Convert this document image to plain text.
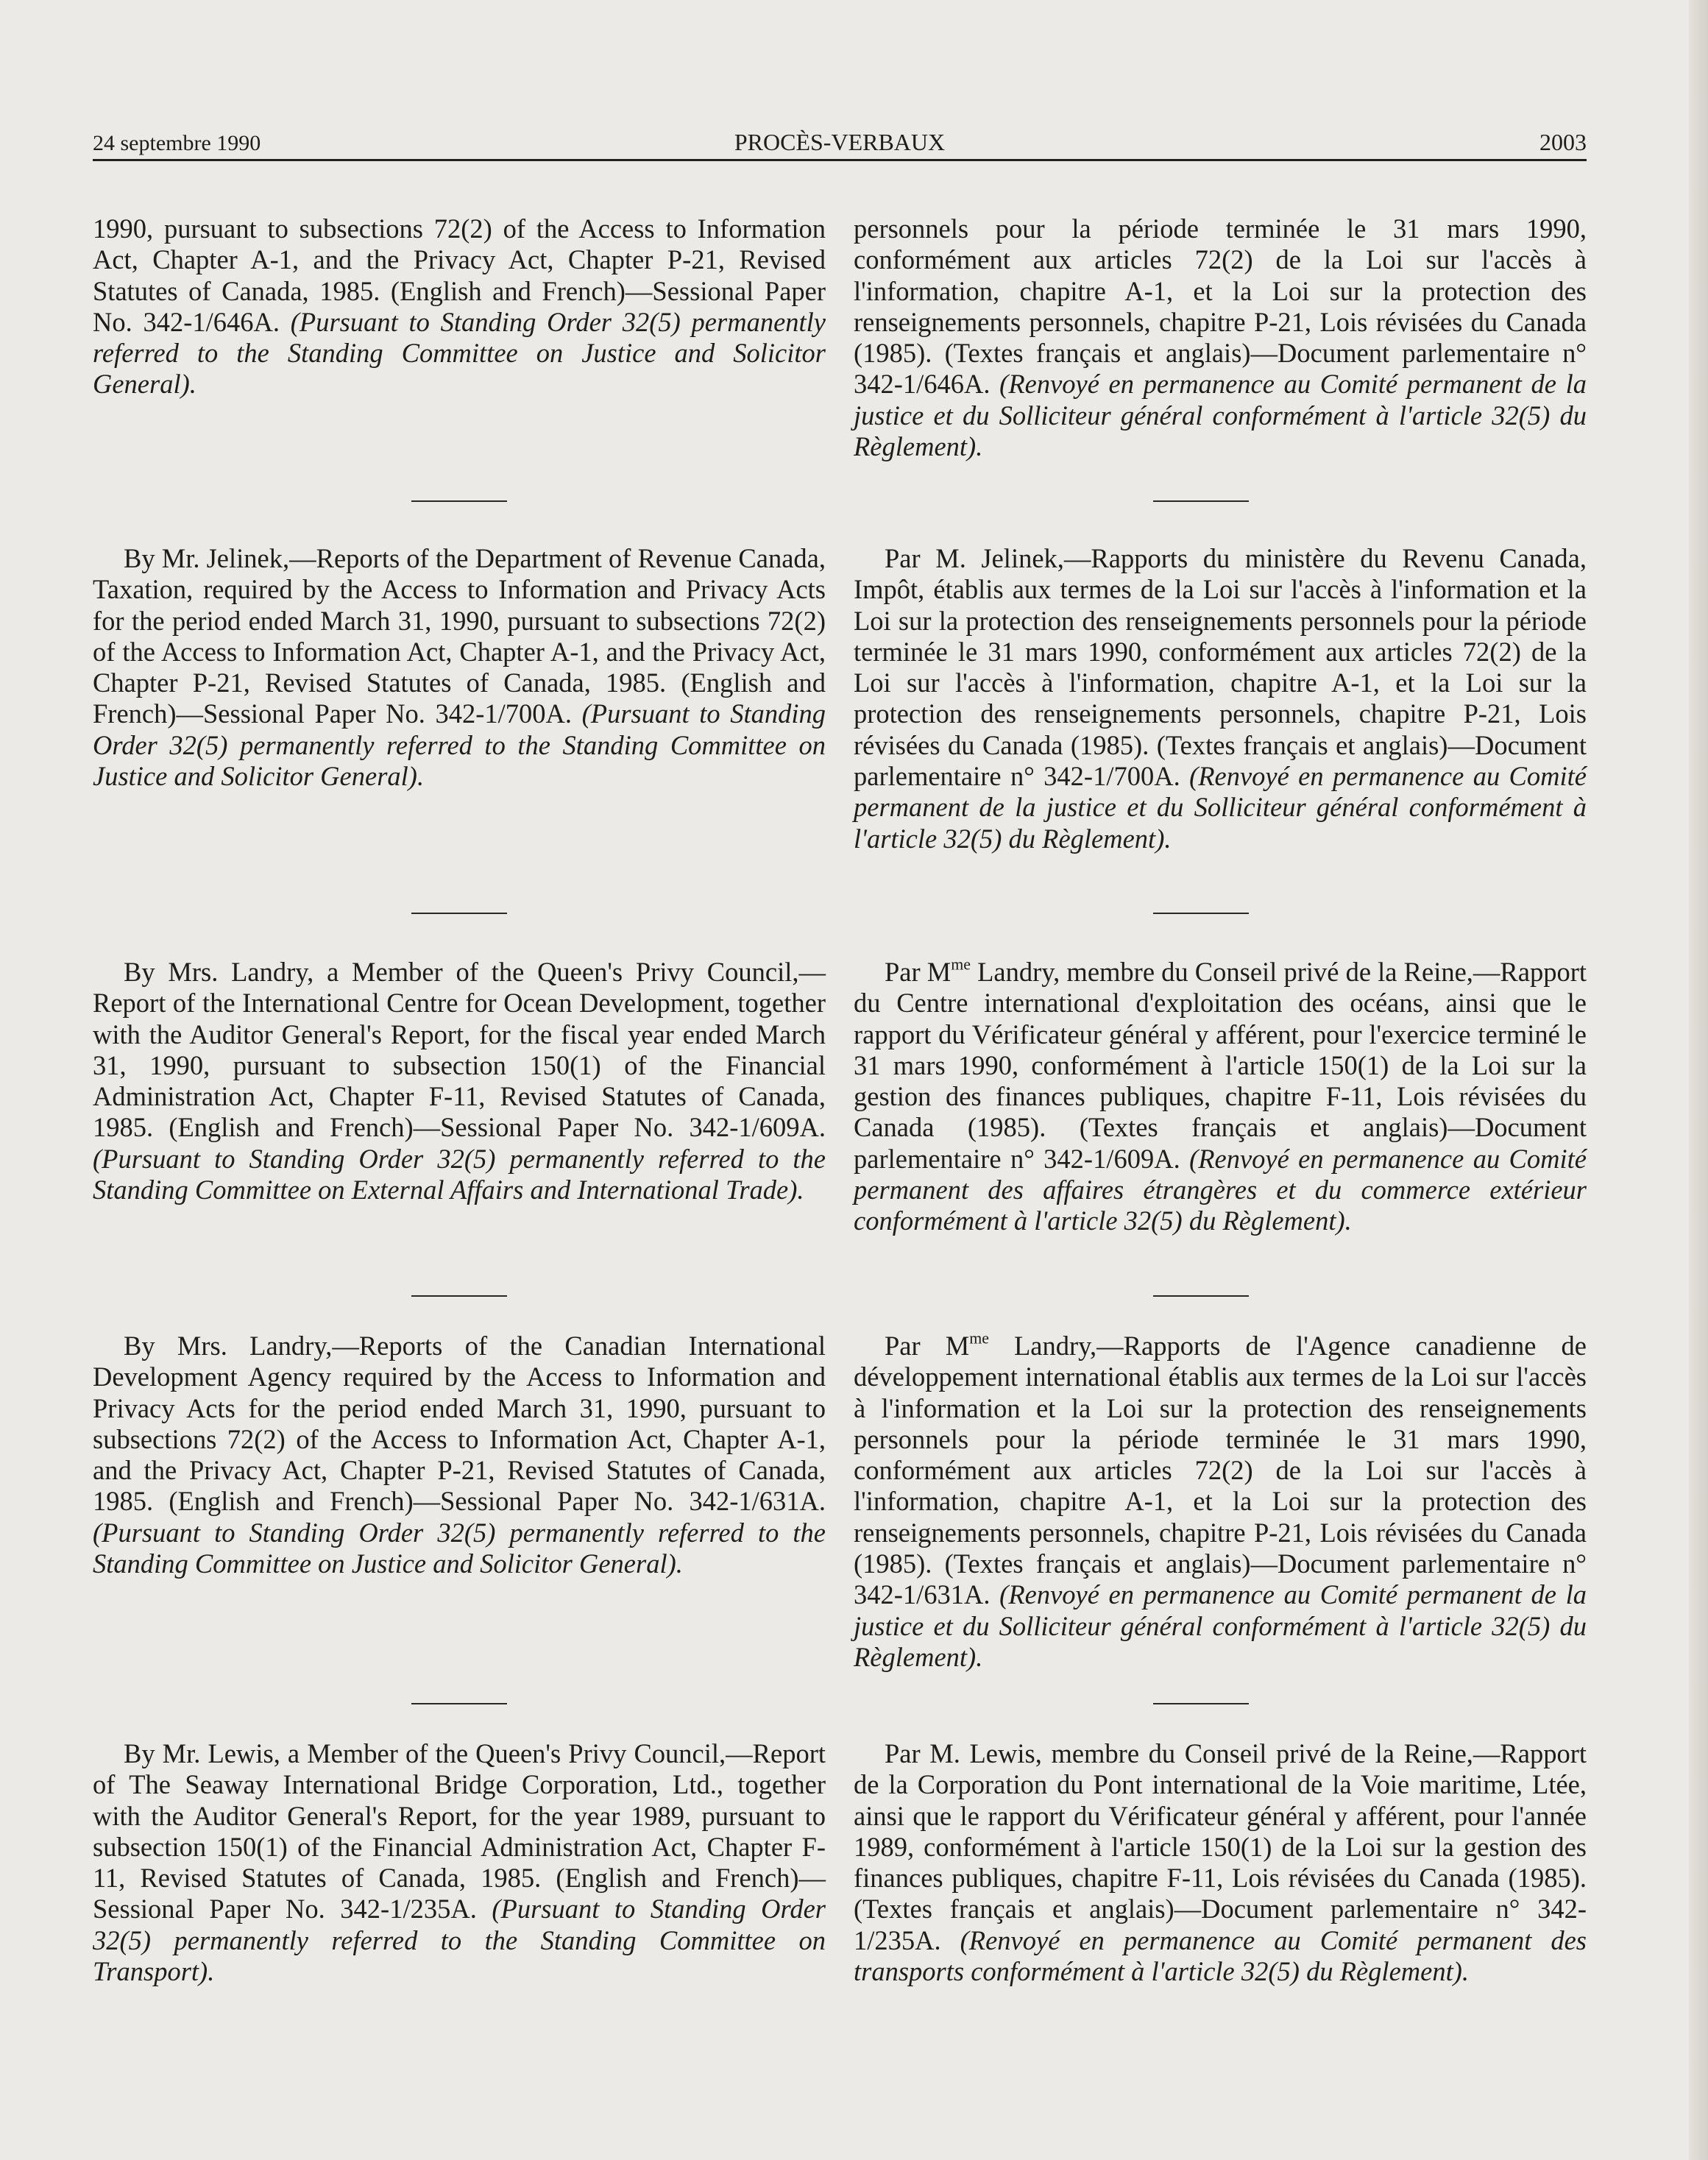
24 septembre 1990	PROCÈS-VERBAUX	2003

1990, pursuant to subsections 72(2) of the Access to Information Act, Chapter A-1, and the Privacy Act, Chapter P-21, Revised Statutes of Canada, 1985. (English and French)—Sessional Paper No. 342-1/646A. (Pursuant to Standing Order 32(5) permanently referred to the Standing Committee on Justice and Solicitor General).

By Mr. Jelinek,—Reports of the Department of Revenue Canada, Taxation, required by the Access to Information and Privacy Acts for the period ended March 31, 1990, pursuant to subsections 72(2) of the Access to Information Act, Chapter A-1, and the Privacy Act, Chapter P-21, Revised Statutes of Canada, 1985. (English and French)—Sessional Paper No. 342-1/700A. (Pursuant to Standing Order 32(5) permanently referred to the Standing Committee on Justice and Solicitor General).

By Mrs. Landry, a Member of the Queen's Privy Council,—Report of the International Centre for Ocean Development, together with the Auditor General's Report, for the fiscal year ended March 31, 1990, pursuant to subsection 150(1) of the Financial Administration Act, Chapter F-11, Revised Statutes of Canada, 1985. (English and French)—Sessional Paper No. 342-1/609A. (Pursuant to Standing Order 32(5) permanently referred to the Standing Committee on External Affairs and International Trade).

By Mrs. Landry,—Reports of the Canadian International Development Agency required by the Access to Information and Privacy Acts for the period ended March 31, 1990, pursuant to subsections 72(2) of the Access to Information Act, Chapter A-1, and the Privacy Act, Chapter P-21, Revised Statutes of Canada, 1985. (English and French)—Sessional Paper No. 342-1/631A. (Pursuant to Standing Order 32(5) permanently referred to the Standing Committee on Justice and Solicitor General).

By Mr. Lewis, a Member of the Queen's Privy Council,—Report of The Seaway International Bridge Corporation, Ltd., together with the Auditor General's Report, for the year 1989, pursuant to subsection 150(1) of the Financial Administration Act, Chapter F-11, Revised Statutes of Canada, 1985. (English and French)—Sessional Paper No. 342-1/235A. (Pursuant to Standing Order 32(5) permanently referred to the Standing Committee on Transport).

personnels pour la période terminée le 31 mars 1990, conformément aux articles 72(2) de la Loi sur l'accès à l'information, chapitre A-1, et la Loi sur la protection des renseignements personnels, chapitre P-21, Lois révisées du Canada (1985). (Textes français et anglais)—Document parlementaire n° 342-1/646A. (Renvoyé en permanence au Comité permanent de la justice et du Solliciteur général conformément à l'article 32(5) du Règlement).

Par M. Jelinek,—Rapports du ministère du Revenu Canada, Impôt, établis aux termes de la Loi sur l'accès à l'information et la Loi sur la protection des renseignements personnels pour la période terminée le 31 mars 1990, conformément aux articles 72(2) de la Loi sur l'accès à l'information, chapitre A-1, et la Loi sur la protection des renseignements personnels, chapitre P-21, Lois révisées du Canada (1985). (Textes français et anglais)—Document parlementaire n° 342-1/700A. (Renvoyé en permanence au Comité permanent de la justice et du Solliciteur général conformément à l'article 32(5) du Règlement).

Par $M^{me}$ Landry, membre du Conseil privé de la Reine,—Rapport du Centre international d'exploitation des océans, ainsi que le rapport du Vérificateur général y afférent, pour l'exercice terminé le 31 mars 1990, conformément à l'article 150(1) de la Loi sur la gestion des finances publiques, chapitre F-11, Lois révisées du Canada (1985). (Textes français et anglais)—Document parlementaire n° 342-1/609A. (Renvoyé en permanence au Comité permanent des affaires étrangères et du commerce extérieur conformément à l'article 32(5) du Règlement).

Par $M^{me}$ Landry,—Rapports de l'Agence canadienne de développement international établis aux termes de la Loi sur l'accès à l'information et la Loi sur la protection des renseignements personnels pour la période terminée le 31 mars 1990, conformément aux articles 72(2) de la Loi sur l'accès à l'information, chapitre A-1, et la Loi sur la protection des renseignements personnels, chapitre P-21, Lois révisées du Canada (1985). (Textes français et anglais)—Document parlementaire n° 342-1/631A. (Renvoyé en permanence au Comité permanent de la justice et du Solliciteur général conformément à l'article 32(5) du Règlement).

Par M. Lewis, membre du Conseil privé de la Reine,—Rapport de la Corporation du Pont international de la Voie maritime, Ltée, ainsi que le rapport du Vérificateur général y afférent, pour l'année 1989, conformément à l'article 150(1) de la Loi sur la gestion des finances publiques, chapitre F-11, Lois révisées du Canada (1985). (Textes français et anglais)—Document parlementaire n° 342-1/235A. (Renvoyé en permanence au Comité permanent des transports conformément à l'article 32(5) du Règlement).
